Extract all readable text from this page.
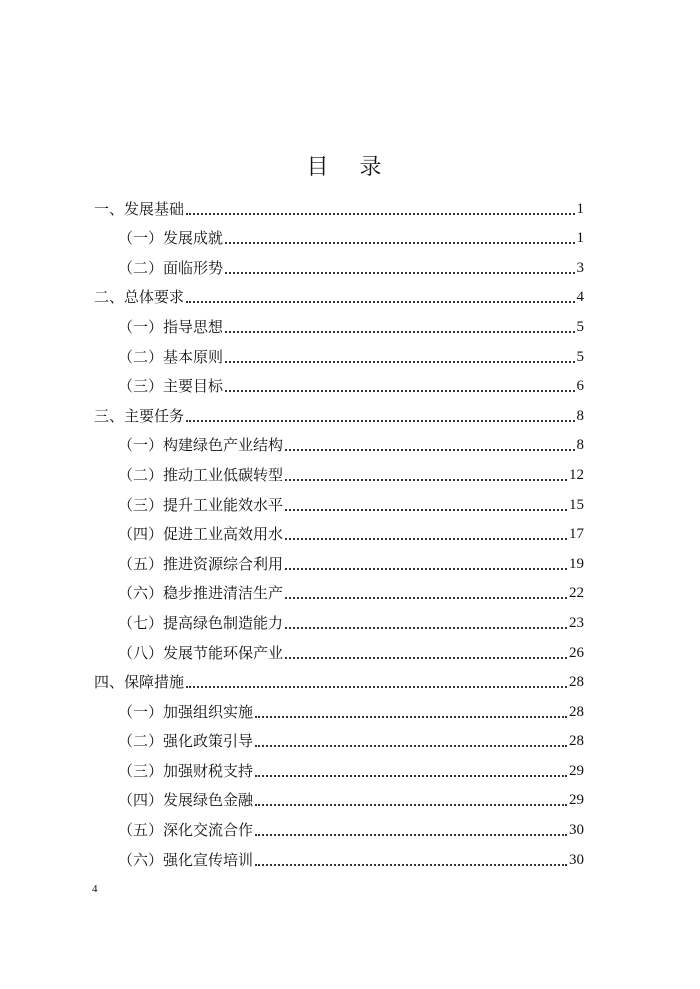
目 录
一、发展基础	1
（一）发展成就	1
（二）面临形势	3
二、总体要求	4
（一）指导思想	5
（二）基本原则	5
（三）主要目标	6
三、主要任务	8
（一）构建绿色产业结构	8
（二）推动工业低碳转型	12
（三）提升工业能效水平	15
（四）促进工业高效用水	17
（五）推进资源综合利用	19
（六）稳步推进清洁生产	22
（七）提高绿色制造能力	23
（八）发展节能环保产业	26
四、保障措施	28
（一）加强组织实施	28
（二）强化政策引导	28
（三）加强财税支持	29
（四）发展绿色金融	29
（五）深化交流合作	30
（六）强化宣传培训	30
4
